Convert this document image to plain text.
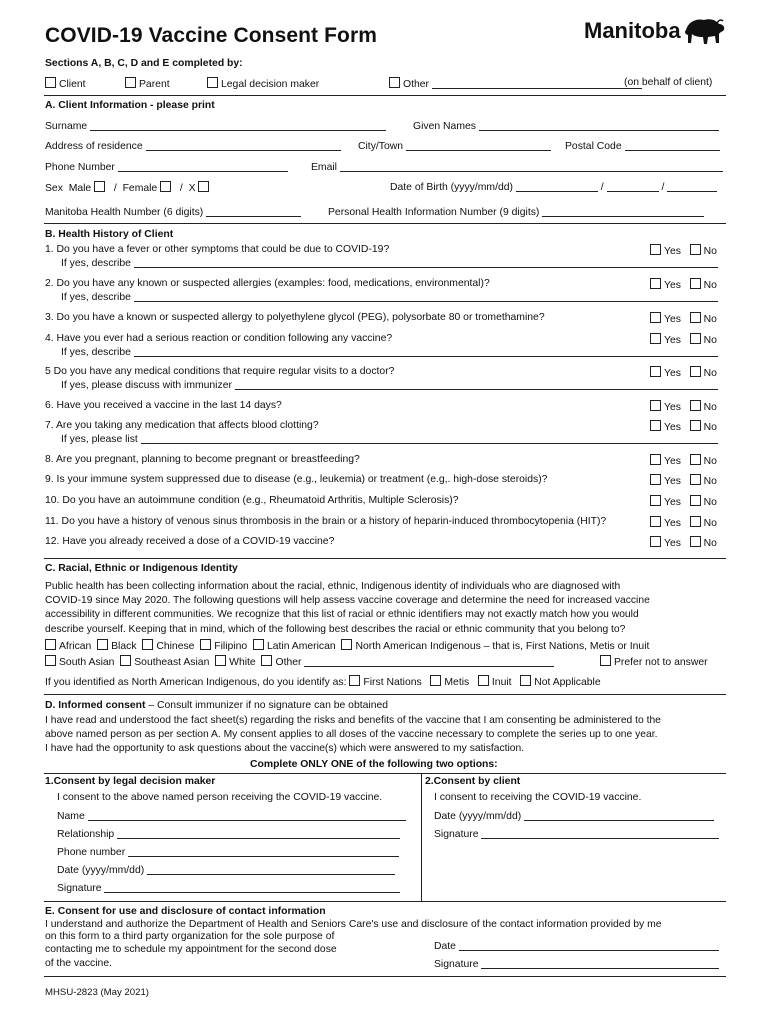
COVID-19 Vaccine Consent Form	Manitoba
Sections A, B, C, D and E completed by:
Client	Parent	Legal decision maker	Other	(on behalf of client)
A. Client Information - please print
Surname	Given Names
Address of residence	City/Town	Postal Code
Phone Number	Email
Sex Male / Female / X	Date of Birth (yyyy/mm/dd)	/	/
Manitoba Health Number (6 digits)	Personal Health Information Number (9 digits)
B. Health History of Client
1. Do you have a fever or other symptoms that could be due to COVID-19?	Yes No
If yes, describe
2. Do you have any known or suspected allergies (examples: food, medications, environmental)?	Yes No
If yes, describe
3. Do you have a known or suspected allergy to polyethylene glycol (PEG), polysorbate 80 or tromethamine?	Yes No
4. Have you ever had a serious reaction or condition following any vaccine?	Yes No
If yes, describe
5 Do you have any medical conditions that require regular visits to a doctor?	Yes No
If yes, please discuss with immunizer
6. Have you received a vaccine in the last 14 days?	Yes No
7. Are you taking any medication that affects blood clotting?	Yes No
If yes, please list
8. Are you pregnant, planning to become pregnant or breastfeeding?	Yes No
9. Is your immune system suppressed due to disease (e.g., leukemia) or treatment (e.g,. high-dose steroids)?	Yes No
10. Do you have an autoimmune condition (e.g., Rheumatoid Arthritis, Multiple Sclerosis)?	Yes No
11. Do you have a history of venous sinus thrombosis in the brain or a history of heparin-induced thrombocytopenia (HIT)?	Yes No
12. Have you already received a dose of a COVID-19 vaccine?	Yes No
C. Racial, Ethnic or Indigenous Identity
Public health has been collecting information about the racial, ethnic, Indigenous identity of individuals who are diagnosed with
COVID-19 since May 2020. The following questions will help assess vaccine coverage and determine the need for increased vaccine
accessibility in different communities. We recognize that this list of racial or ethnic identifiers may not exactly match how you would
describe yourself. Keeping that in mind, which of the following best describes the racial or ethnic community that you belong to?
African Black Chinese Filipino Latin American North American Indigenous – that is, First Nations, Metis or Inuit
South Asian Southeast Asian White Other	Prefer not to answer
If you identified as North American Indigenous, do you identify as: First Nations Metis Inuit Not Applicable
D. Informed consent – Consult immunizer if no signature can be obtained
I have read and understood the fact sheet(s) regarding the risks and benefits of the vaccine that I am consenting be administered to the
above named person as per section A. My consent applies to all doses of the vaccine necessary to complete the series up to one year.
I have had the opportunity to ask questions about the vaccine(s) which were answered to my satisfaction.
Complete ONLY ONE of the following two options:
1.Consent by legal decision maker
I consent to the above named person receiving the COVID-19 vaccine.
Name
Relationship
Phone number
Date (yyyy/mm/dd)
Signature
2.Consent by client
I consent to receiving the COVID-19 vaccine.
Date (yyyy/mm/dd)
Signature
E. Consent for use and disclosure of contact information
I understand and authorize the Department of Health and Seniors Care's use and disclosure of the contact information provided by me
on this form to a third party organization for the sole purpose of
contacting me to schedule my appointment for the second dose
of the vaccine.
Date
Signature
MHSU-2823 (May 2021)
